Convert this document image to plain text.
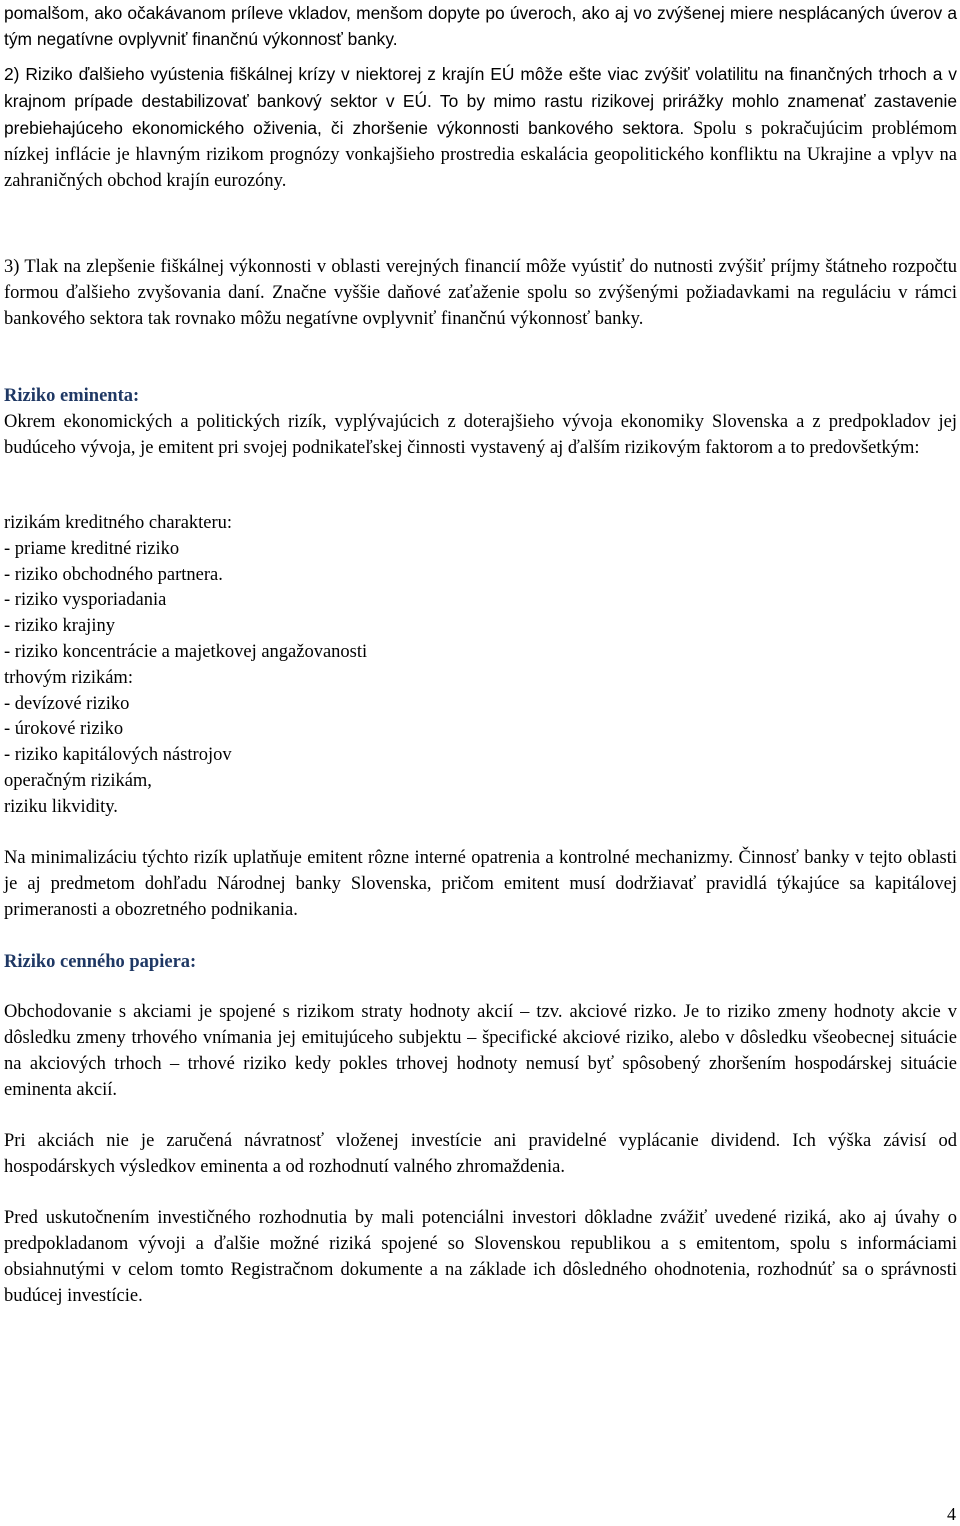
pomalšom, ako očakávanom príleve vkladov, menšom dopyte po úveroch, ako aj vo zvýšenej miere nesplácaných úverov a tým negatívne ovplyvniť finančnú výkonnosť banky.

2) Riziko ďalšieho vyústenia fiškálnej krízy v niektorej z krajín EÚ môže ešte viac zvýšiť volatilitu na finančných trhoch a v krajnom prípade destabilizovať bankový sektor v EÚ. To by mimo rastu rizikovej prirážky mohlo znamenať zastavenie prebiehajúceho ekonomického oživenia, či zhoršenie výkonnosti bankového sektora. Spolu s pokračujúcim problémom nízkej inflácie je hlavným rizikom prognózy vonkajšieho prostredia eskalácia geopolitického konfliktu na Ukrajine a vplyv na zahraničných obchod krajín eurozóny.

3) Tlak na zlepšenie fiškálnej výkonnosti v oblasti verejných financií môže vyústiť do nutnosti zvýšiť príjmy štátneho rozpočtu formou ďalšieho zvyšovania daní. Značne vyššie daňové zaťaženie spolu so zvýšenými požiadavkami na reguláciu v rámci bankového sektora tak rovnako môžu negatívne ovplyvniť finančnú výkonnosť banky.

Riziko eminenta:

Okrem ekonomických a politických rizík, vyplývajúcich z doterajšieho vývoja ekonomiky Slovenska a z predpokladov jej budúceho vývoja, je emitent pri svojej podnikateľskej činnosti vystavený aj ďalším rizikovým faktorom a to predovšetkým:

rizikám kreditného charakteru:
- priame kreditné riziko
- riziko obchodného partnera.
- riziko vysporiadania
- riziko krajiny
- riziko koncentrácie a majetkovej angažovanosti
trhovým rizikám:
- devízové riziko
- úrokové riziko
- riziko kapitálových nástrojov
operačným rizikám,
riziku likvidity.

Na minimalizáciu týchto rizík uplatňuje emitent rôzne interné opatrenia a kontrolné mechanizmy. Činnosť banky v tejto oblasti je aj predmetom dohľadu Národnej banky Slovenska, pričom emitent musí dodržiavať pravidlá týkajúce sa kapitálovej primeranosti a obozretného podnikania.

Riziko cenného papiera:

Obchodovanie s akciami je spojené s rizikom straty hodnoty akcií – tzv. akciové rizko. Je to riziko zmeny hodnoty akcie v dôsledku zmeny trhového vnímania jej emitujúceho subjektu – špecifické akciové riziko, alebo v dôsledku všeobecnej situácie na akciových trhoch – trhové riziko kedy pokles trhovej hodnoty nemusí byť spôsobený zhoršením hospodárskej situácie eminenta akcií.

Pri akciách nie je zaručená návratnosť vloženej investície ani pravidelné vyplácanie dividend. Ich výška závisí od hospodárskych výsledkov eminenta a od rozhodnutí valného zhromaždenia.

Pred uskutočnením investičného rozhodnutia by mali potenciálni investori dôkladne zvážiť uvedené riziká, ako aj úvahy o predpokladanom vývoji a ďalšie možné riziká spojené so Slovenskou republikou a s emitentom, spolu s informáciami obsiahnutými v celom tomto Registračnom dokumente a na základe ich dôsledného ohodnotenia, rozhodnúť sa o správnosti budúcej investície.

4
